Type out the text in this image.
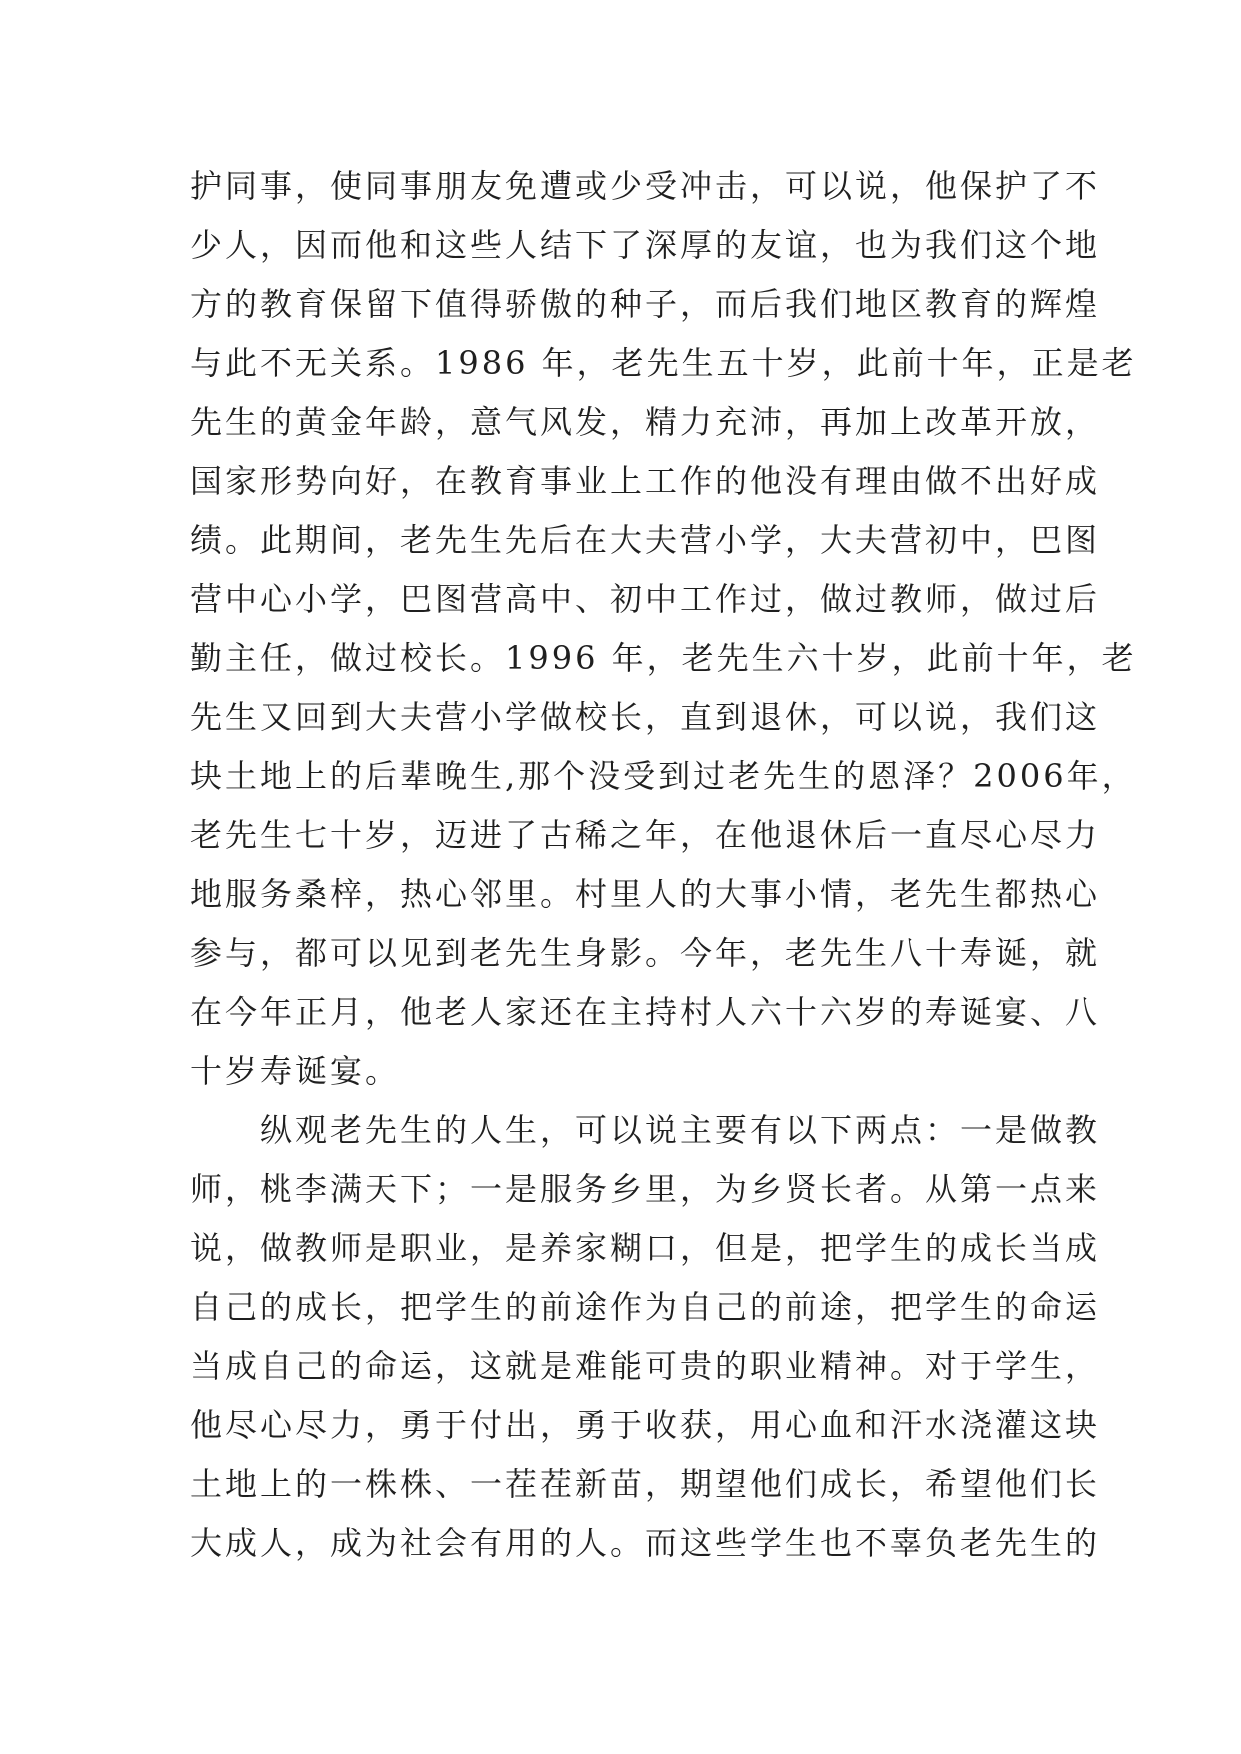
护同事，使同事朋友免遭或少受冲击，可以说，他保护了不
少人，因而他和这些人结下了深厚的友谊，也为我们这个地
方的教育保留下值得骄傲的种子，而后我们地区教育的辉煌
与此不无关系。1986 年，老先生五十岁，此前十年，正是老
先生的黄金年龄，意气风发，精力充沛，再加上改革开放，
国家形势向好，在教育事业上工作的他没有理由做不出好成
绩。此期间，老先生先后在大夫营小学，大夫营初中，巴图
营中心小学，巴图营高中、初中工作过，做过教师，做过后
勤主任，做过校长。1996 年，老先生六十岁，此前十年，老
先生又回到大夫营小学做校长，直到退休，可以说，我们这
块土地上的后辈晚生,那个没受到过老先生的恩泽？2006年，
老先生七十岁，迈进了古稀之年，在他退休后一直尽心尽力
地服务桑梓，热心邻里。村里人的大事小情，老先生都热心
参与，都可以见到老先生身影。今年，老先生八十寿诞，就
在今年正月，他老人家还在主持村人六十六岁的寿诞宴、八
十岁寿诞宴。
　　纵观老先生的人生，可以说主要有以下两点：一是做教
师，桃李满天下；一是服务乡里，为乡贤长者。从第一点来
说，做教师是职业，是养家糊口，但是，把学生的成长当成
自己的成长，把学生的前途作为自己的前途，把学生的命运
当成自己的命运，这就是难能可贵的职业精神。对于学生，
他尽心尽力，勇于付出，勇于收获，用心血和汗水浇灌这块
土地上的一株株、一茬茬新苗，期望他们成长，希望他们长
大成人，成为社会有用的人。而这些学生也不辜负老先生的
